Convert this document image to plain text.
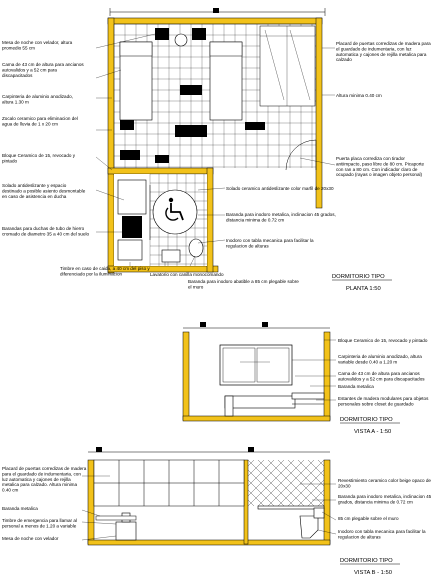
Mesa de noche con velador, altura promedio 55 cm
Cama de 43 cm de altura para ancianos autovalidos y a 52 cm para discapacitados
Carpinteria de aluminio anodizado, altura 1.30 m
Zocalo ceramico para eliminacion del agua de lluvia de 1 x 20 cm
Bloque Ceramico de 15, revocado y pintado
Solado antideslizante y espacio destinado a posible asiento desmontable en caso de asistencia en ducha
Barandas para duchas de tubo de hierro cromado de diametro 35 a 40 cm del suelo
Timbre en caso de caida, a 40 cm del piso y diferenciado por la iluminacion	Lavatorio con canilla monocomando
Baranda para inodoro abatible a 85 cm plegable sobre el muro
Placard de puertas corredizas de madera para el guardado de indumentaria, con luz automatica y cajones de rejilla metalica para calzado
Altura minima 0.40 cm
Puerta placa corrediza con tirador antiimpacto, paso libre de 80 cm. Picaporte con ran a 80 cm. Con indicador claro de ocupado (rayas o imagen objeto personal)
Solado ceramico antideslizante color marfil de 20x30
Baranda para inodoro metalica, inclinacion 45 grados, distancia minima de 0.72 cm
Inodoro con tabla mecanica para facilitar la regulacion de alturas
DORMITORIO TIPO
PLANTA 1:50
Bloque Ceramico de 15, revocado y pintado
Carpinteria de aluminio anodizado, altura variable desde 0.40 a 1.20 m
Cama de 43 cm de altura para ancianos autovalidos y a 52 cm para discapacitados
Baranda metalica
Estantes de madera modulares para objetos personales sobre closet de guardado
DORMITORIO TIPO
VISTA A - 1:50
Placard de puertas corredizas de madera para el guardado de indumentaria, con luz automatica y cajones de rejilla metalica para calzado. Altura minima 0.40 cm
Baranda metalica
Timbre de emergencia para llamar al personal a menos de 1.20 a variable
Mesa de noche con velador
Revestimiento ceramico color beige opaco de 20x30
Baranda para inodoro metalica, inclinacion 45 grados, distancia minima de 0.72 cm
85 cm plegable sobre el muro
Inodoro con tabla mecanica para facilitar la regulacion de alturas
DORMITORIO TIPO
VISTA B - 1:50
